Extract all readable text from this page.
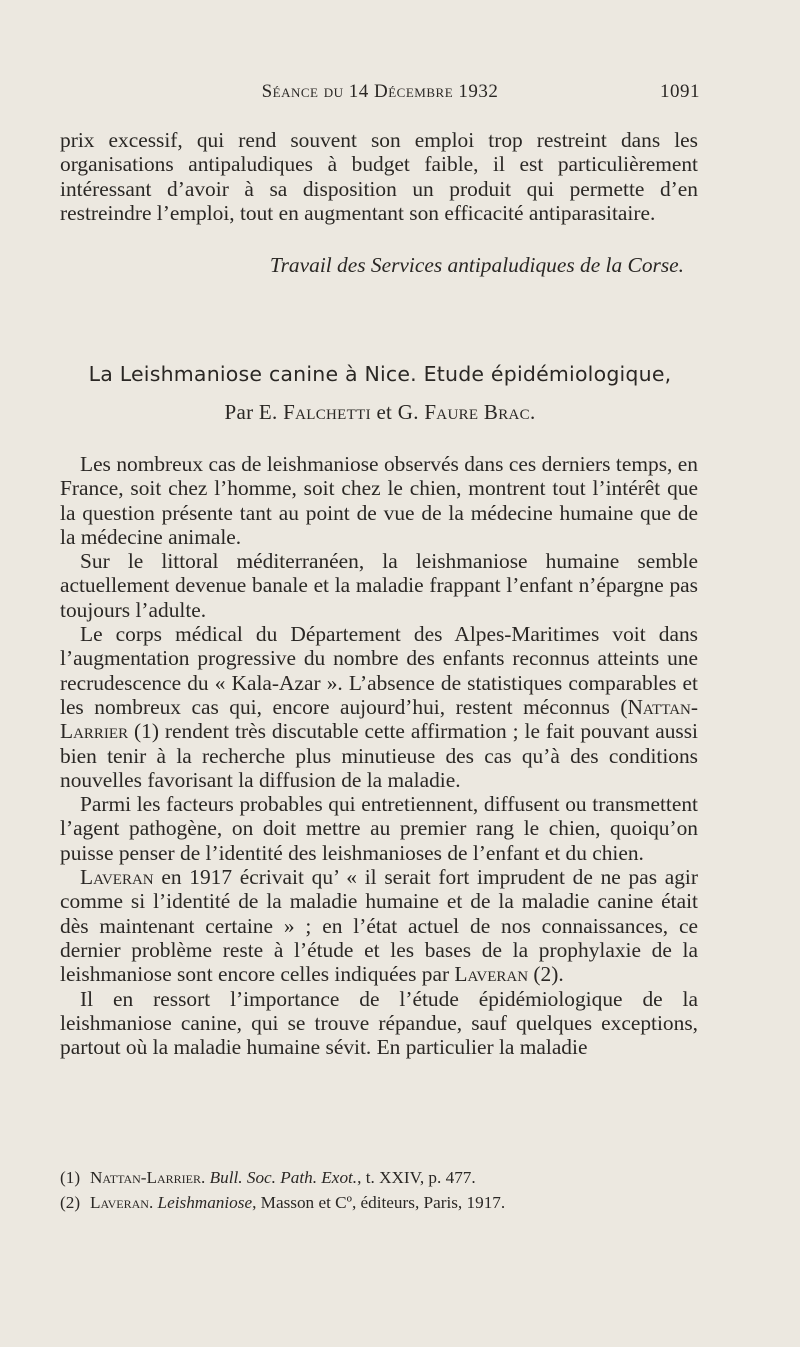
Séance du 14 Décembre 1932	1091

prix excessif, qui rend souvent son emploi trop restreint dans les organisations antipaludiques à budget faible, il est particulièrement intéressant d’avoir à sa disposition un produit qui permette d’en restreindre l’emploi, tout en augmentant son efficacité antiparasitaire.

Travail des Services antipaludiques de la Corse.
La Leishmaniose canine à Nice. Etude épidémiologique,
Par E. Falchetti et G. Faure Brac.

Les nombreux cas de leishmaniose observés dans ces derniers temps, en France, soit chez l’homme, soit chez le chien, montrent tout l’intérêt que la question présente tant au point de vue de la médecine humaine que de la médecine animale.

Sur le littoral méditerranéen, la leishmaniose humaine semble actuellement devenue banale et la maladie frappant l’enfant n’épargne pas toujours l’adulte.

Le corps médical du Département des Alpes-Maritimes voit dans l’augmentation progressive du nombre des enfants reconnus atteints une recrudescence du « Kala-Azar ». L’absence de statistiques comparables et les nombreux cas qui, encore aujourd’hui, restent méconnus (Nattan-Larrier (1) rendent très discutable cette affirmation ; le fait pouvant aussi bien tenir à la recherche plus minutieuse des cas qu’à des conditions nouvelles favorisant la diffusion de la maladie.

Parmi les facteurs probables qui entretiennent, diffusent ou transmettent l’agent pathogène, on doit mettre au premier rang le chien, quoiqu’on puisse penser de l’identité des leishmanioses de l’enfant et du chien.

Laveran en 1917 écrivait qu’ « il serait fort imprudent de ne pas agir comme si l’identité de la maladie humaine et de la maladie canine était dès maintenant certaine » ; en l’état actuel de nos connaissances, ce dernier problème reste à l’étude et les bases de la prophylaxie de la leishmaniose sont encore celles indiquées par Laveran (2).

Il en ressort l’importance de l’étude épidémiologique de la leishmaniose canine, qui se trouve répandue, sauf quelques exceptions, partout où la maladie humaine sévit. En particulier la maladie

(1) Nattan-Larrier. Bull. Soc. Path. Exot., t. XXIV, p. 477.
(2) Laveran. Leishmaniose, Masson et Cº, éditeurs, Paris, 1917.
